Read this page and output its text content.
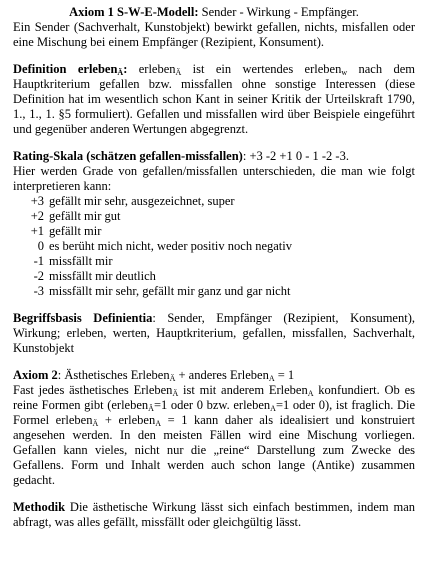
Axiom 1 S-W-E-Modell: Sender - Wirkung - Empfänger.

Ein Sender (Sachverhalt, Kunstobjekt) bewirkt gefallen, nichts, misfallen oder eine Mischung bei einem Empfänger (Rezipient, Konsument).

Definition erleben$_Ä$: erleben$_Ä$ ist ein wertendes erleben$_w$ nach dem Hauptkriterium gefallen bzw. missfallen ohne sonstige Interessen (diese Definition hat im wesentlich schon Kant in seiner Kritik der Urteilskraft 1790, 1., 1., 1. §5 formuliert). Gefallen und missfallen wird über Beispiele eingeführt und gegenüber anderen Wertungen abgegrenzt.

Rating-Skala (schätzen gefallen-missfallen): +3 -2 +1 0 - 1 -2 -3.

Hier werden Grade von gefallen/missfallen unterschieden, die man wie folgt interpretieren kann:

+3 gefällt mir sehr, ausgezeichnet, super
+2 gefällt mir gut
+1 gefällt mir
0 es berüht mich nicht, weder positiv noch negativ
-1 missfällt mir
-2 missfällt mir deutlich
-3 missfällt mir sehr, gefällt mir ganz und gar nicht

Begriffsbasis Definientia: Sender, Empfänger (Rezipient, Konsument), Wirkung; erleben, werten, Hauptkriterium, gefallen, missfallen, Sachverhalt, Kunstobjekt

Axiom 2: Ästhetisches Erleben$_Ä$ + anderes Erleben$_A$ = 1

Fast jedes ästhetisches Erleben$_Ä$ ist mit anderem Erleben$_A$ konfundiert. Ob es reine Formen gibt (erleben$_Ä$=1 oder 0 bzw. erleben$_A$=1 oder 0), ist fraglich. Die Formel erleben$_Ä$ + erleben$_A$ = 1 kann daher als idealisiert und konstruiert angesehen werden. In den meisten Fällen wird eine Mischung vorliegen. Gefallen kann vieles, nicht nur die „reine“ Darstellung zum Zwecke des Gefallens. Form und Inhalt werden auch schon lange (Antike) zusammen gedacht.

Methodik Die ästhetische Wirkung lässt sich einfach bestimmen, indem man abfragt, was alles gefällt, missfällt oder gleichgültig lässt.
